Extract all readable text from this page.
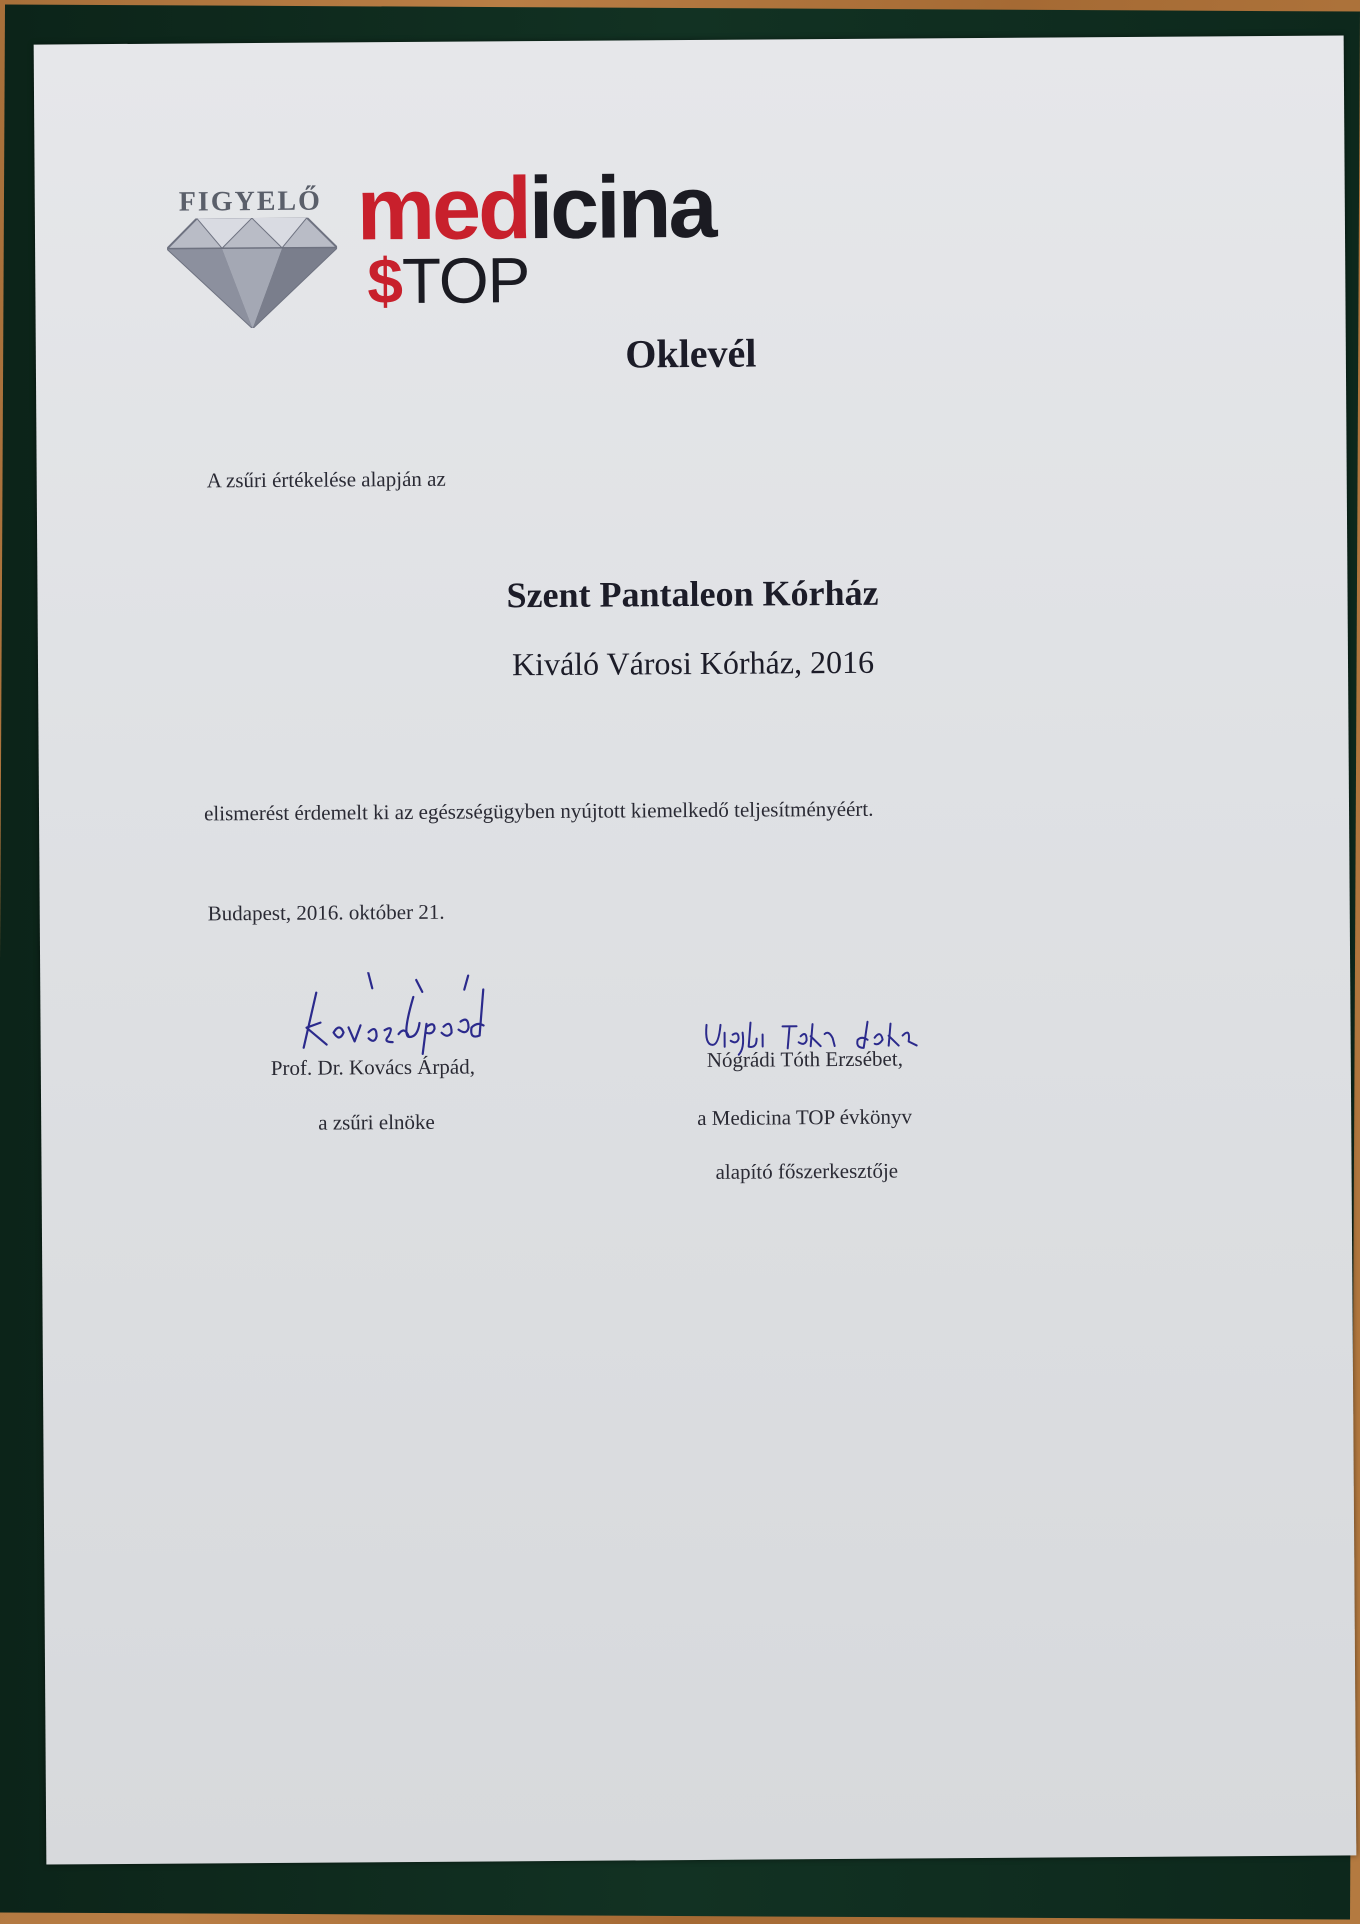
FIGYELŐ medicina
$TOP
Oklevél
A zsűri értékelése alapján az
Szent Pantaleon Kórház
Kiváló Városi Kórház, 2016
elismerést érdemelt ki az egészségügyben nyújtott kiemelkedő teljesítményéért.
Budapest, 2016. október 21.
Prof. Dr. Kovács Árpád,
a zsűri elnöke
Nógrádi Tóth Erzsébet,
a Medicina TOP évkönyv
alapító főszerkesztője
